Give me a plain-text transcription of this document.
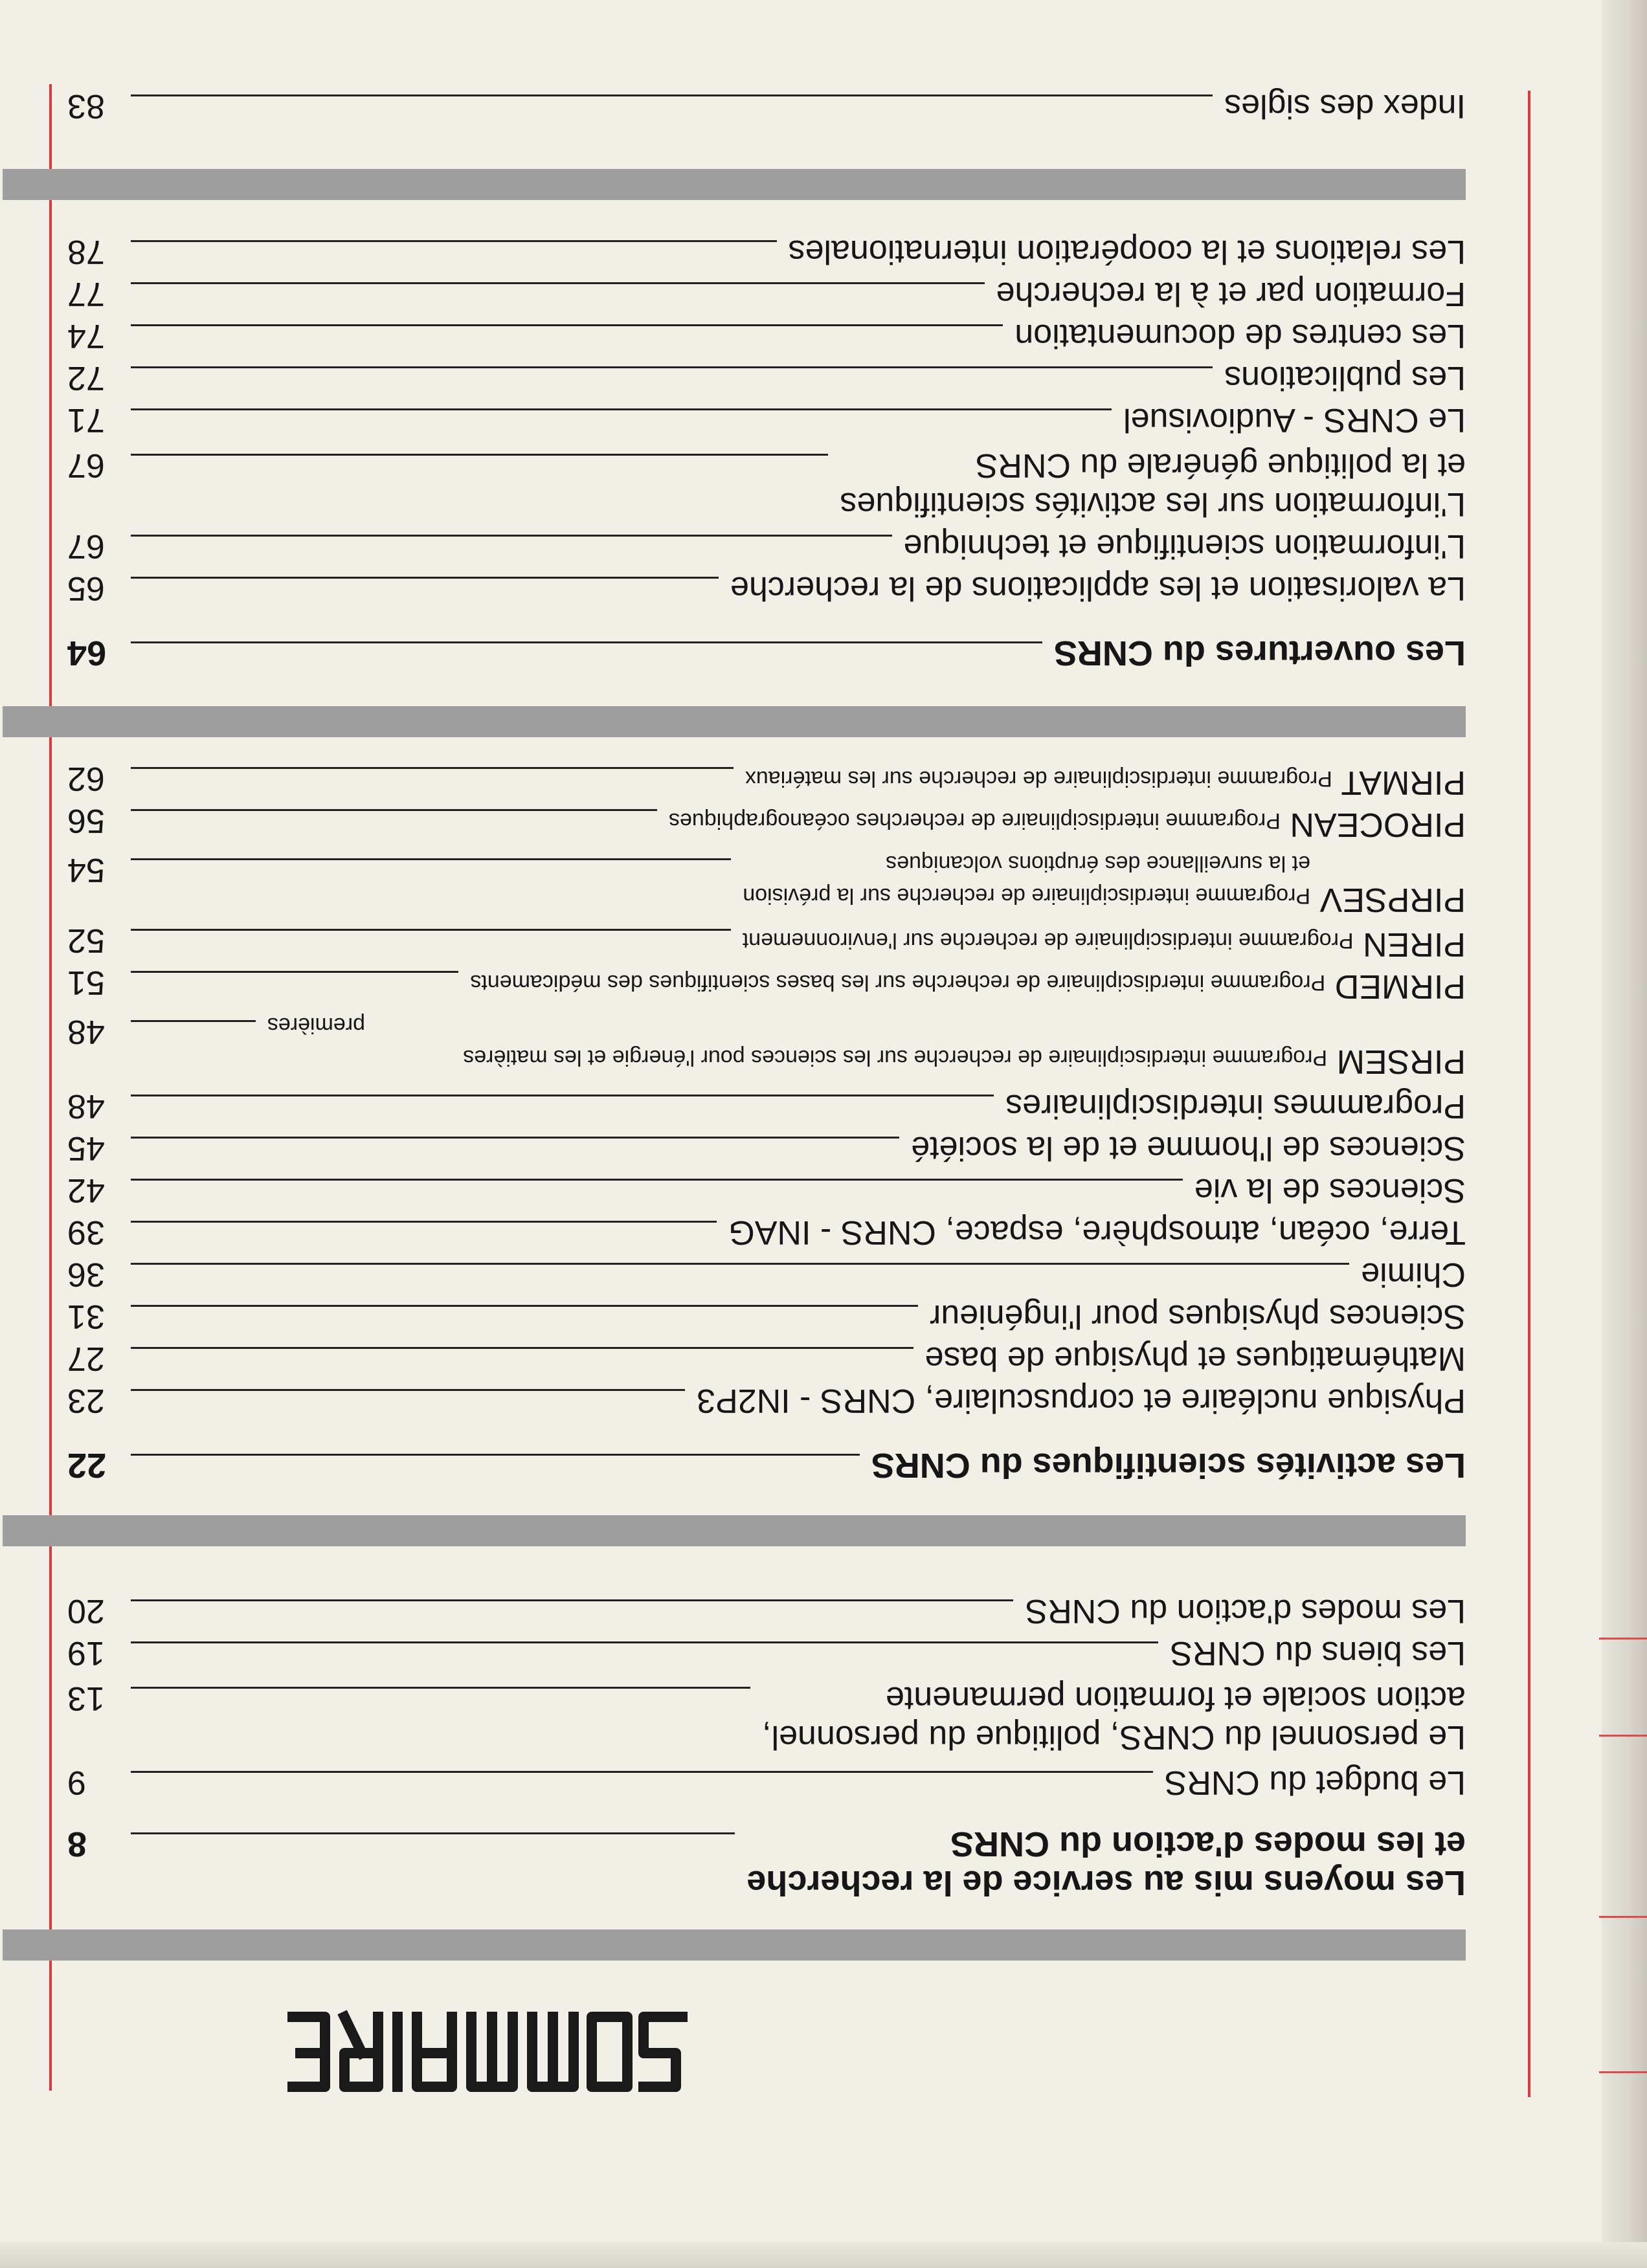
Les moyens mis au service de la recherche
et les modes d'action du CNRS
8
Le budget du CNRS
9
Le personnel du CNRS, politique du personnel,
action sociale et formation permanente
13
Les biens du CNRS
19
Les modes d'action du CNRS
20
Les activités scientifiques du CNRS
22
Physique nucléaire et corpusculaire, CNRS - IN2P3
23
Mathématiques et physique de base
27
Sciences physiques pour l'ingénieur
31
Chimie
36
Terre, océan, atmosphère, espace, CNRS - INAG
39
Sciences de la vie
42
Sciences de l'homme et de la société
45
Programmes interdisciplinaires
48
PIRSEM Programme interdisciplinaire de recherche sur les sciences pour l'énergie et les matières
premières
48
PIRMED Programme interdisciplinaire de recherche sur les bases scientifiques des médicaments
51
PIREN Programme interdisciplinaire de recherche sur l'environnement
52
PIRPSEV Programme interdisciplinaire de recherche sur la prévision
et la surveillance des éruptions volcaniques
54
PIROCEAN Programme interdisciplinaire de recherches océanographiques
56
PIRMAT Programme interdisciplinaire de recherche sur les matériaux
62
Les ouvertures du CNRS
64
La valorisation et les applications de la recherche
65
L'information scientifique et technique
67
L'information sur les activités scientifiques
et la politique générale du CNRS
67
Le CNRS - Audiovisuel
71
Les publications
72
Les centres de documentation
74
Formation par et à la recherche
77
Les relations et la coopération internationales
78
Index des sigles
83
